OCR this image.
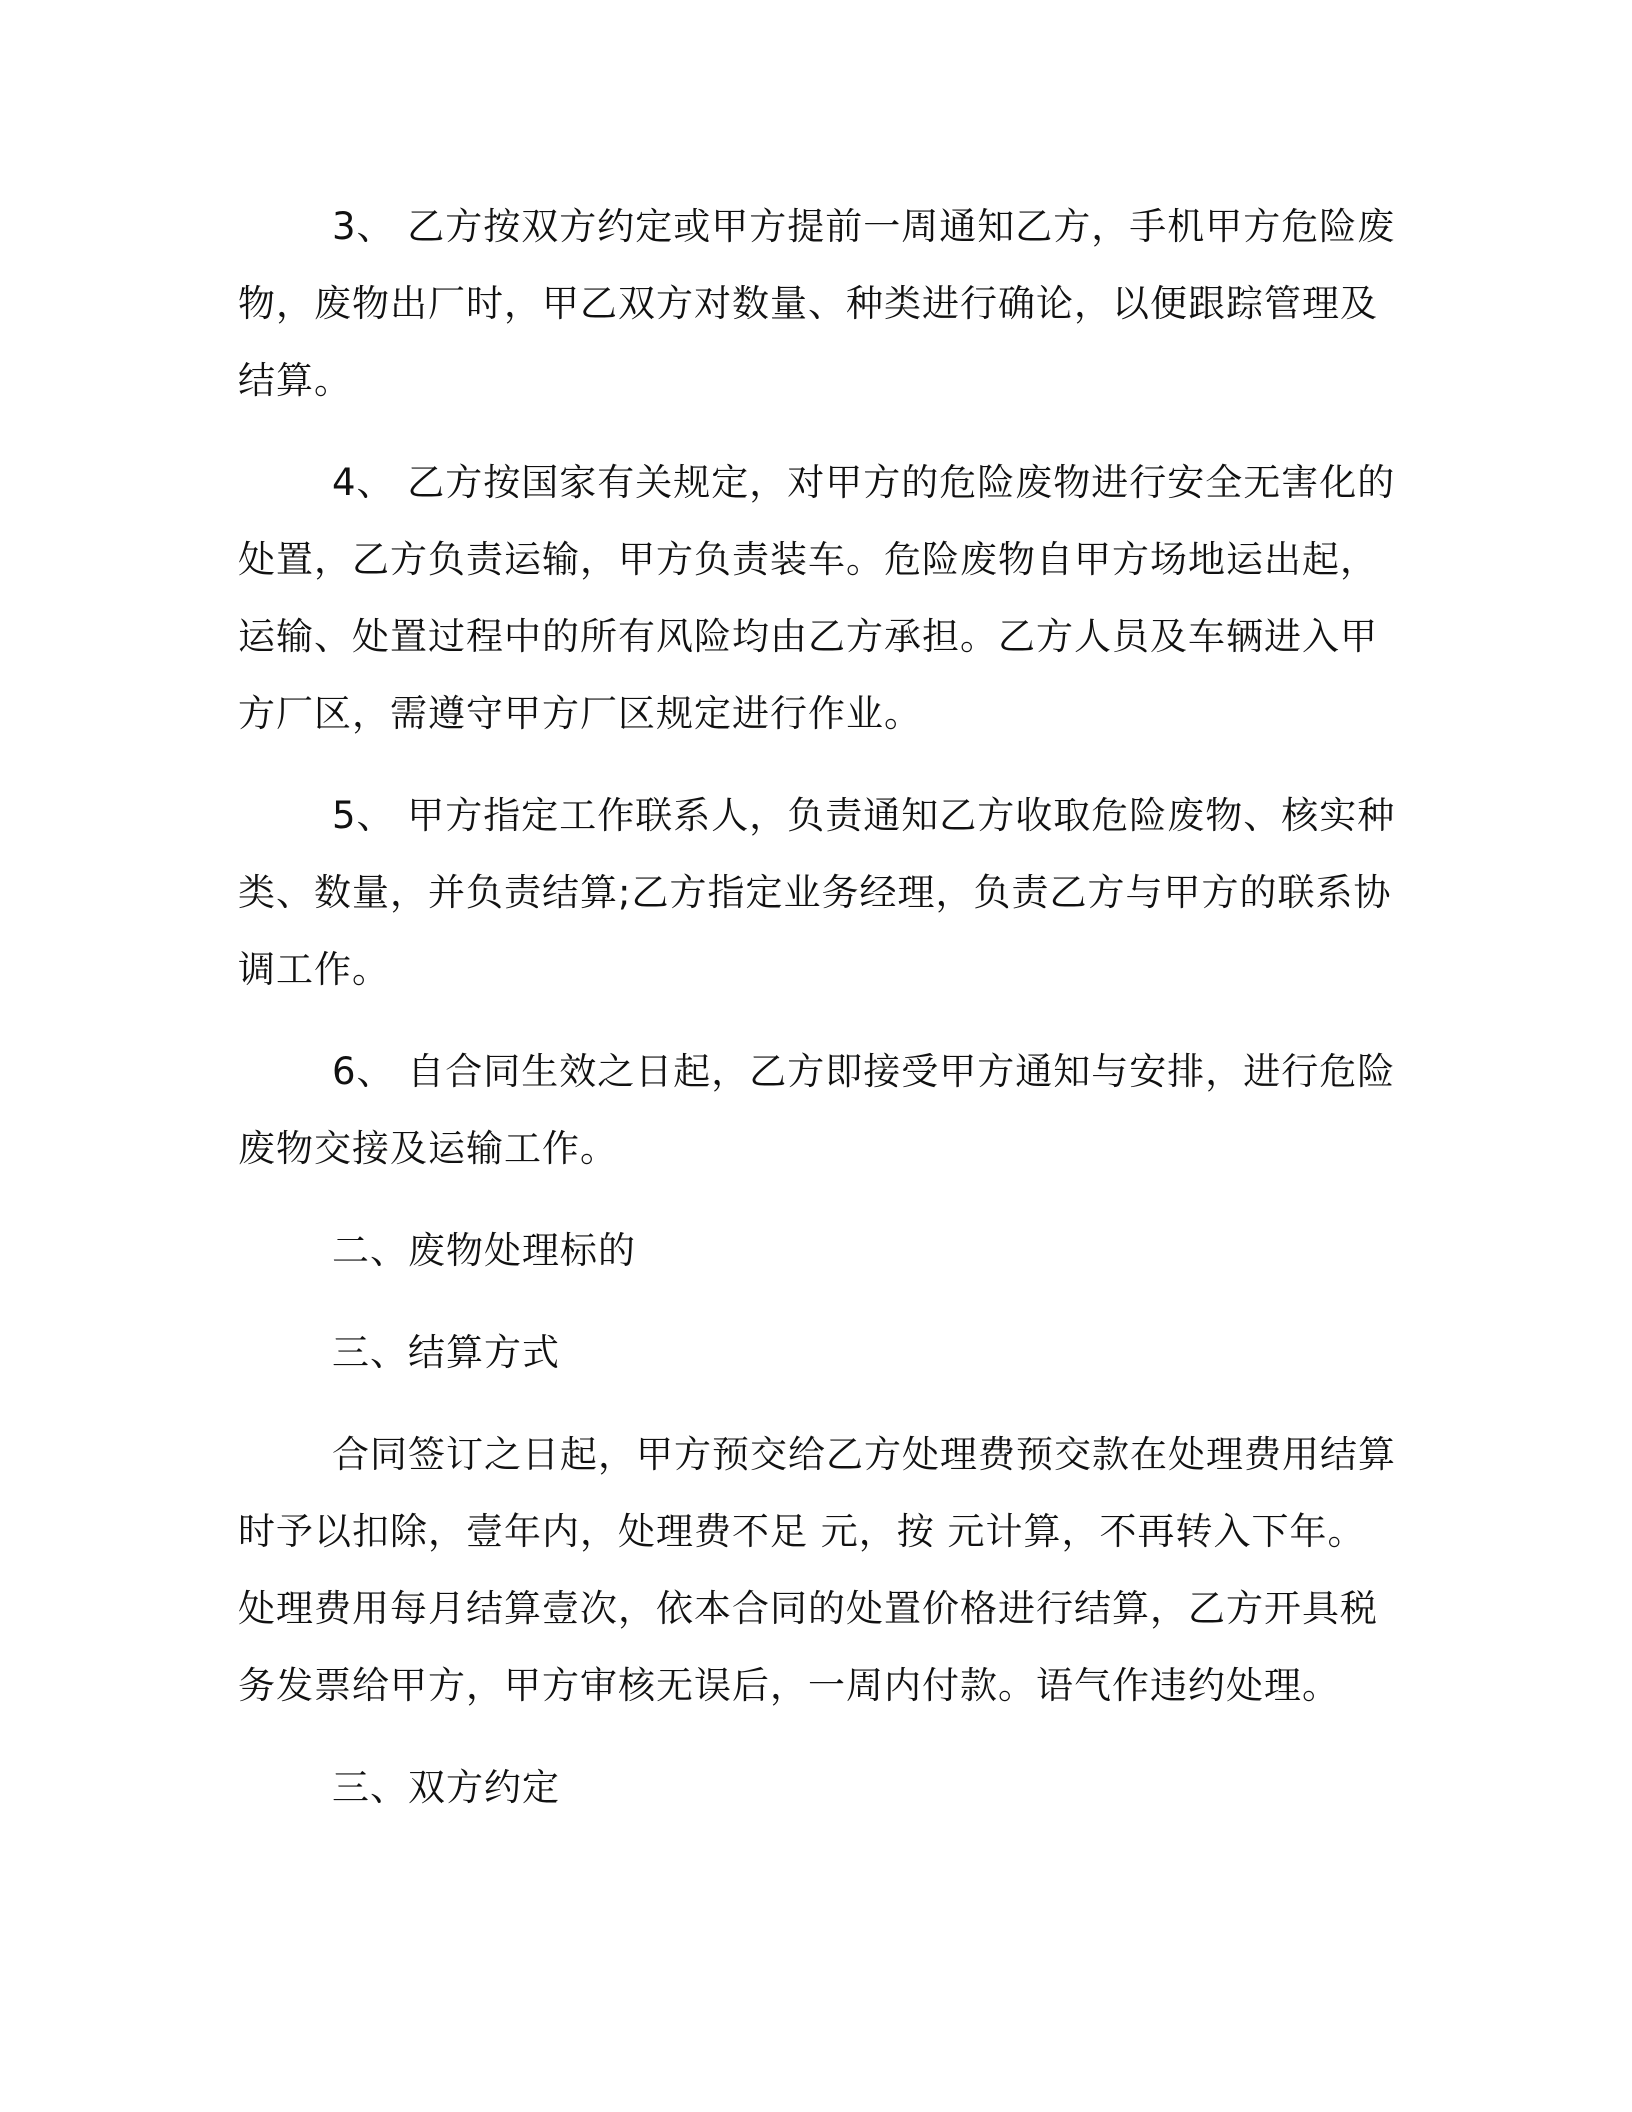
3、 乙方按双方约定或甲方提前一周通知乙方，手机甲方危险废物，废物出厂时，甲乙双方对数量、种类进行确论，以便跟踪管理及结算。

4、 乙方按国家有关规定，对甲方的危险废物进行安全无害化的处置，乙方负责运输，甲方负责装车。危险废物自甲方场地运出起，运输、处置过程中的所有风险均由乙方承担。乙方人员及车辆进入甲方厂区，需遵守甲方厂区规定进行作业。

5、 甲方指定工作联系人，负责通知乙方收取危险废物、核实种类、数量，并负责结算;乙方指定业务经理，负责乙方与甲方的联系协调工作。

6、 自合同生效之日起，乙方即接受甲方通知与安排，进行危险废物交接及运输工作。

二、废物处理标的

三、结算方式

合同签订之日起，甲方预交给乙方处理费预交款在处理费用结算时予以扣除，壹年内，处理费不足 元，按 元计算，不再转入下年。处理费用每月结算壹次，依本合同的处置价格进行结算，乙方开具税务发票给甲方，甲方审核无误后，一周内付款。语气作违约处理。

三、双方约定
